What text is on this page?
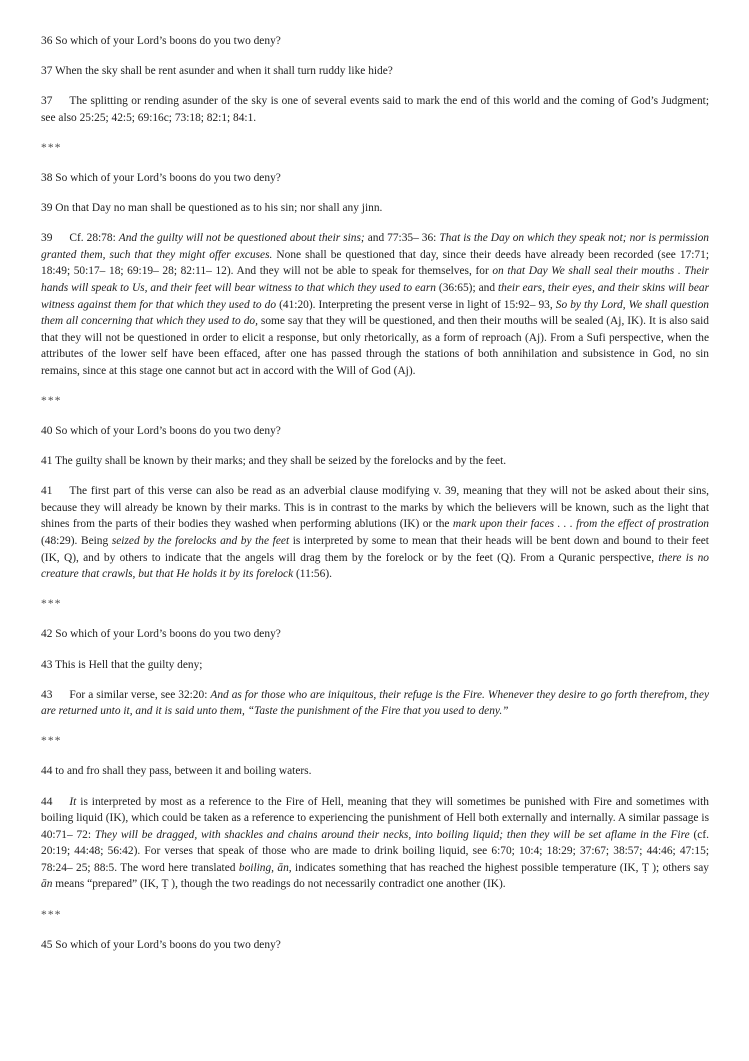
36 So which of your Lord’s boons do you two deny?

37 When the sky shall be rent asunder and when it shall turn ruddy like hide?

37 The splitting or rending asunder of the sky is one of several events said to mark the end of this world and the coming of God’s Judgment; see also 25:25; 42:5; 69:16c; 73:18; 82:1; 84:1.

***

38 So which of your Lord’s boons do you two deny?

39 On that Day no man shall be questioned as to his sin; nor shall any jinn.

39 Cf. 28:78: And the guilty will not be questioned about their sins; and 77:35– 36: That is the Day on which they speak not; nor is permission granted them, such that they might offer excuses. None shall be questioned that day, since their deeds have already been recorded (see 17:71; 18:49; 50:17– 18; 69:19– 28; 82:11– 12). And they will not be able to speak for themselves, for on that Day We shall seal their mouths . Their hands will speak to Us, and their feet will bear witness to that which they used to earn (36:65); and their ears, their eyes, and their skins will bear witness against them for that which they used to do (41:20). Interpreting the present verse in light of 15:92– 93, So by thy Lord, We shall question them all concerning that which they used to do, some say that they will be questioned, and then their mouths will be sealed (Aj, IK). It is also said that they will not be questioned in order to elicit a response, but only rhetorically, as a form of reproach (Aj). From a Sufi perspective, when the attributes of the lower self have been effaced, after one has passed through the stations of both annihilation and subsistence in God, no sin remains, since at this stage one cannot but act in accord with the Will of God (Aj).

***

40 So which of your Lord’s boons do you two deny?

41 The guilty shall be known by their marks; and they shall be seized by the forelocks and by the feet.

41 The first part of this verse can also be read as an adverbial clause modifying v. 39, meaning that they will not be asked about their sins, because they will already be known by their marks. This is in contrast to the marks by which the believers will be known, such as the light that shines from the parts of their bodies they washed when performing ablutions (IK) or the mark upon their faces . . . from the effect of prostration (48:29). Being seized by the forelocks and by the feet is interpreted by some to mean that their heads will be bent down and bound to their feet (IK, Q), and by others to indicate that the angels will drag them by the forelock or by the feet (Q). From a Quranic perspective, there is no creature that crawls, but that He holds it by its forelock (11:56).

***

42 So which of your Lord’s boons do you two deny?

43 This is Hell that the guilty deny;

43 For a similar verse, see 32:20: And as for those who are iniquitous, their refuge is the Fire. Whenever they desire to go forth therefrom, they are returned unto it, and it is said unto them, “Taste the punishment of the Fire that you used to deny.”

***

44 to and fro shall they pass, between it and boiling waters.

44 It is interpreted by most as a reference to the Fire of Hell, meaning that they will sometimes be punished with Fire and sometimes with boiling liquid (IK), which could be taken as a reference to experiencing the punishment of Hell both externally and internally. A similar passage is 40:71– 72: They will be dragged, with shackles and chains around their necks, into boiling liquid; then they will be set aflame in the Fire (cf. 20:19; 44:48; 56:42). For verses that speak of those who are made to drink boiling liquid, see 6:70; 10:4; 18:29; 37:67; 38:57; 44:46; 47:15; 78:24– 25; 88:5. The word here translated boiling, ān, indicates something that has reached the highest possible temperature (IK, Ṭ ); others say ān means “prepared” (IK, Ṭ ), though the two readings do not necessarily contradict one another (IK).

***

45 So which of your Lord’s boons do you two deny?
